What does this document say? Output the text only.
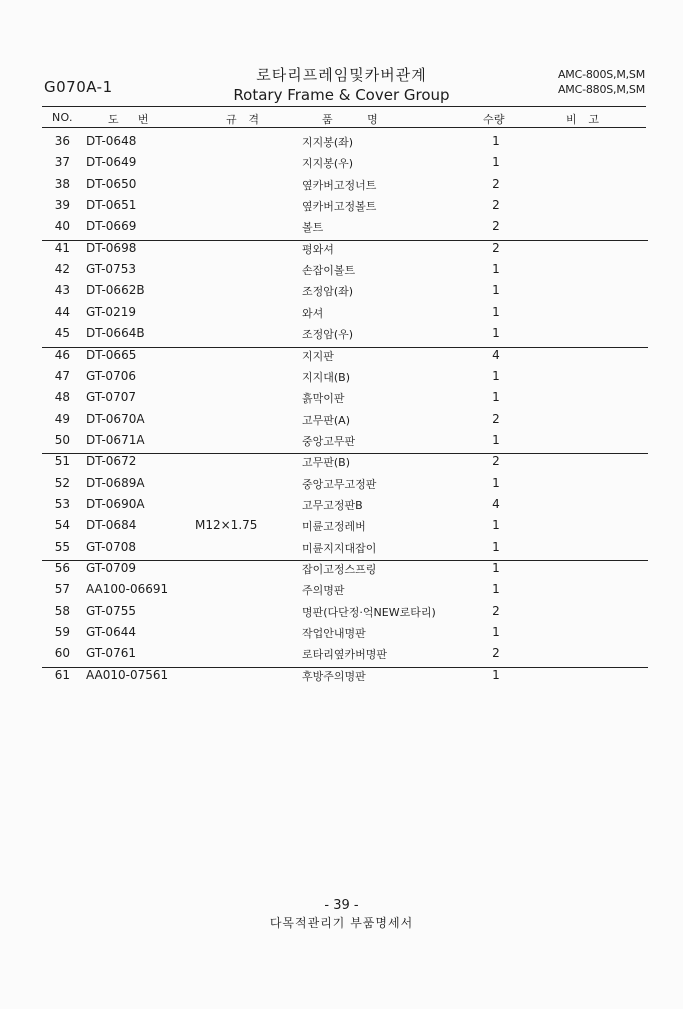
G070A-1
로타리프레임및카버관계
Rotary Frame & Cover Group
AMC-800S,M,SM
AMC-880S,M,SM
NO.	도     번	규   격	품         명	수량	비   고
36 DT-0648	지지봉(좌)	1
37 DT-0649	지지봉(우)	1
38 DT-0650	옆카버고정너트	2
39 DT-0651	옆카버고정볼트	2
40 DT-0669	볼트	2
41 DT-0698	평와셔	2
42 GT-0753	손잡이볼트	1
43 DT-0662B	조정암(좌)	1
44 GT-0219	와셔	1
45 DT-0664B	조정암(우)	1
46 DT-0665	지지판	4
47 GT-0706	지지대(B)	1
48 GT-0707	흙막이판	1
49 DT-0670A	고무판(A)	2
50 DT-0671A	중앙고무판	1
51 DT-0672	고무판(B)	2
52 DT-0689A	중앙고무고정판	1
53 DT-0690A	고무고정판B	4
54 DT-0684	M12×1.75	미륜고정레버	1
55 GT-0708	미륜지지대잡이	1
56 GT-0709	잡이고정스프링	1
57 AA100-06691	주의명판	1
58 GT-0755	명판(다단정·억NEW로타리)	2
59 GT-0644	작업안내명판	1
60 GT-0761	로타리옆카버명판	2
61 AA010-07561	후방주의명판	1
- 39 -
다목적관리기 부품명세서
